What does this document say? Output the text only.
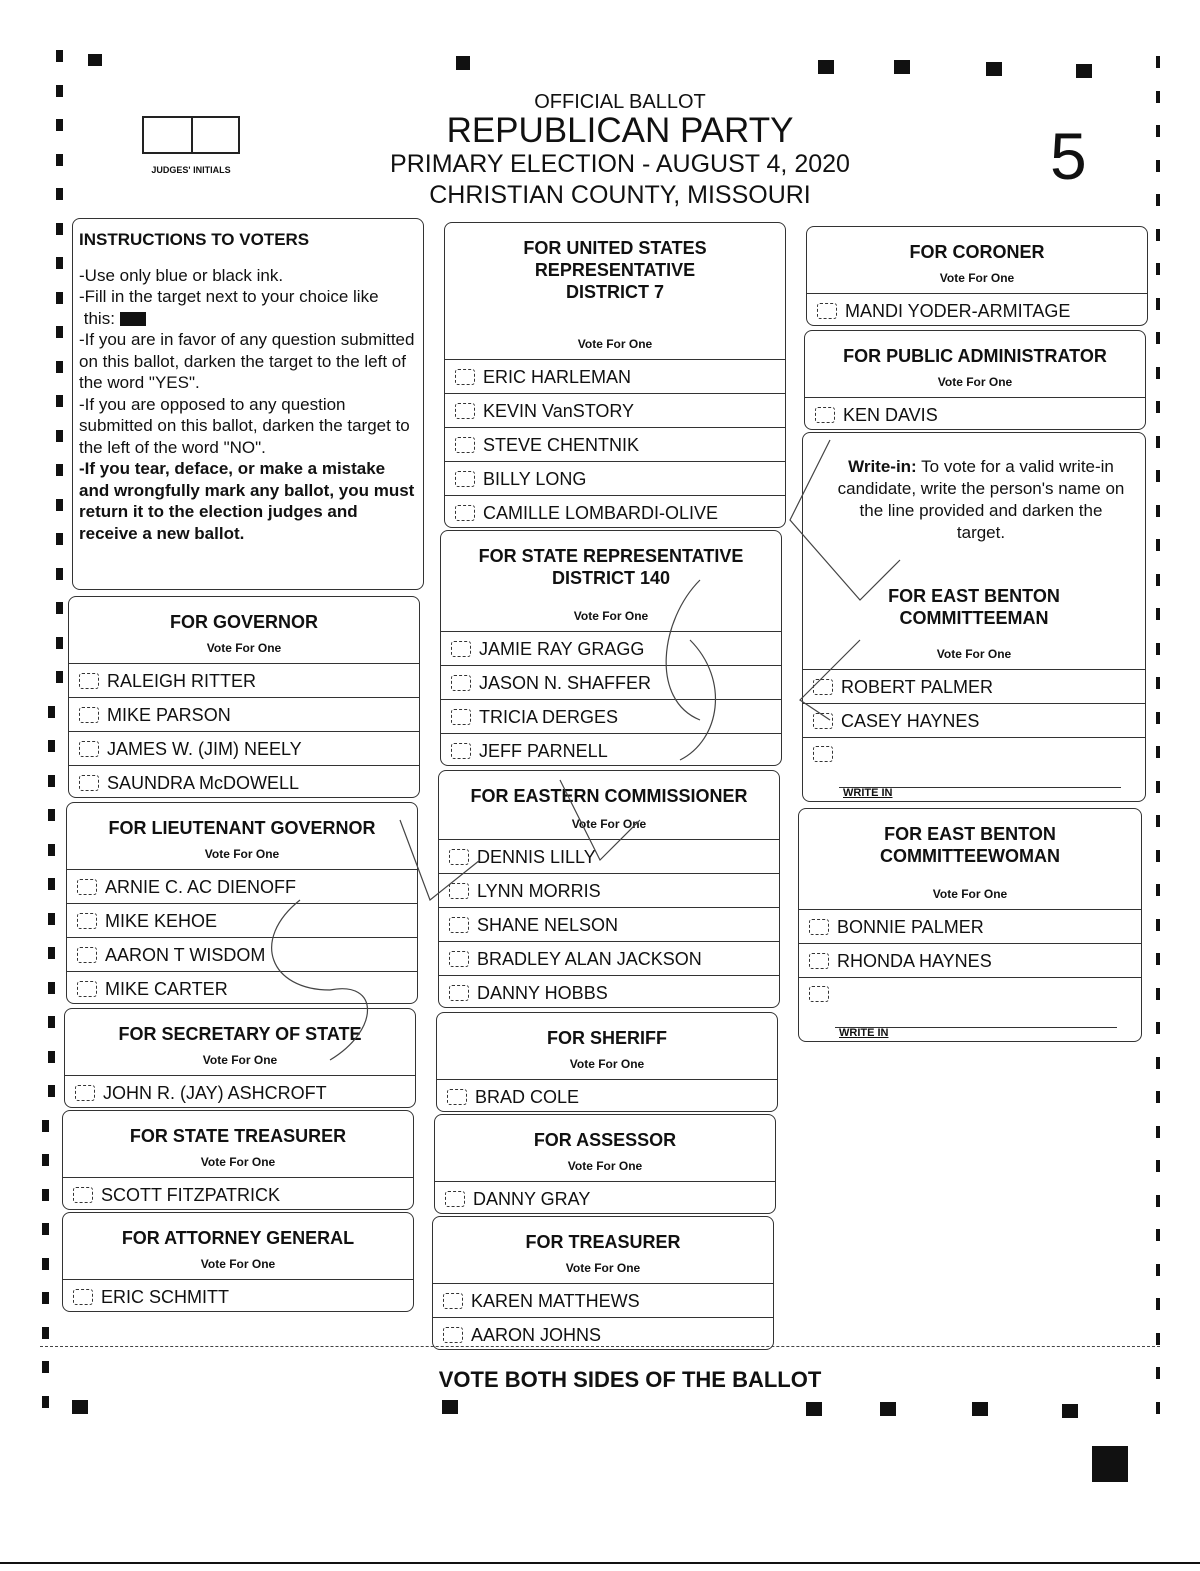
JUDGES' INITIALS
OFFICIAL BALLOT
REPUBLICAN PARTY
PRIMARY ELECTION - AUGUST 4, 2020
CHRISTIAN COUNTY, MISSOURI
5
INSTRUCTIONS TO VOTERS
-Use only blue or black ink.
-Fill in the target next to your choice like
this:
-If you are in favor of any question submitted on this ballot, darken the target to the left of the word "YES".
-If you are opposed to any question submitted on this ballot, darken the target to the left of the word "NO".
-If you tear, deface, or make a mistake and wrongfully mark any ballot, you must return it to the election judges and receive a new ballot.
FOR GOVERNOR
Vote For One
RALEIGH RITTER
MIKE PARSON
JAMES W. (JIM) NEELY
SAUNDRA McDOWELL
FOR LIEUTENANT GOVERNOR
Vote For One
ARNIE C. AC DIENOFF
MIKE KEHOE
AARON T WISDOM
MIKE CARTER
FOR SECRETARY OF STATE
Vote For One
JOHN R. (JAY) ASHCROFT
FOR STATE TREASURER
Vote For One
SCOTT FITZPATRICK
FOR ATTORNEY GENERAL
Vote For One
ERIC SCHMITT
FOR UNITED STATES
REPRESENTATIVE
DISTRICT 7
Vote For One
ERIC HARLEMAN
KEVIN VanSTORY
STEVE CHENTNIK
BILLY LONG
CAMILLE LOMBARDI-OLIVE
FOR STATE REPRESENTATIVE
DISTRICT 140
Vote For One
JAMIE RAY GRAGG
JASON N. SHAFFER
TRICIA DERGES
JEFF PARNELL
FOR EASTERN COMMISSIONER
Vote For One
DENNIS LILLY
LYNN MORRIS
SHANE NELSON
BRADLEY ALAN JACKSON
DANNY HOBBS
FOR SHERIFF
Vote For One
BRAD COLE
FOR ASSESSOR
Vote For One
DANNY GRAY
FOR TREASURER
Vote For One
KAREN MATTHEWS
AARON JOHNS
FOR CORONER
Vote For One
MANDI YODER-ARMITAGE
FOR PUBLIC ADMINISTRATOR
Vote For One
KEN DAVIS
FOR EAST BENTON
COMMITTEEMAN
Vote For One
ROBERT PALMER
CASEY HAYNES
WRITE IN
FOR EAST BENTON
COMMITTEEWOMAN
Vote For One
BONNIE PALMER
RHONDA HAYNES
WRITE IN
Write-in: To vote for a valid write-in candidate, write the person's name on the line provided and darken the target.
VOTE BOTH SIDES OF THE BALLOT
